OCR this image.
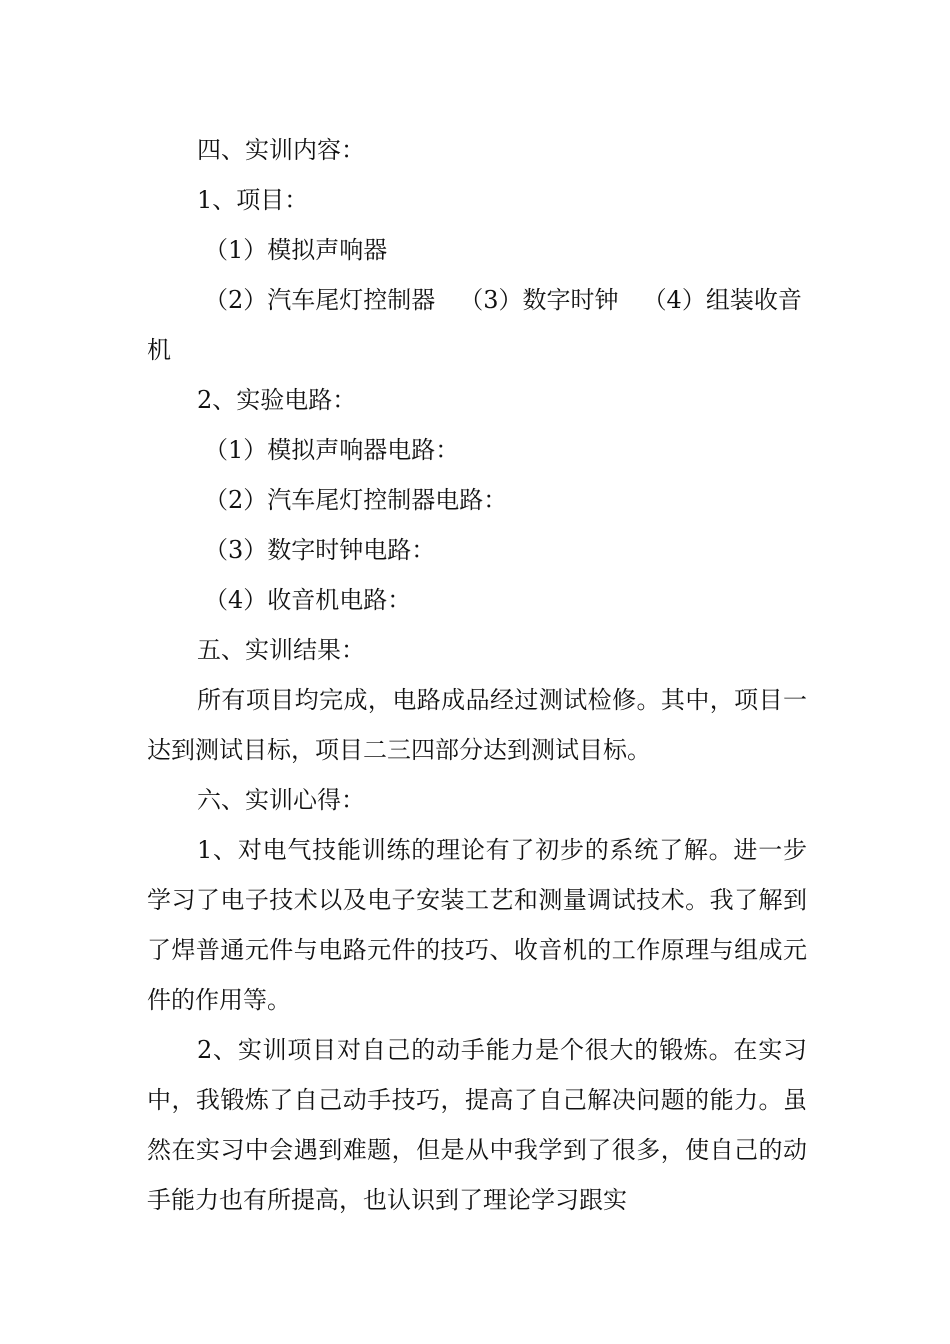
四、实训内容：

1、项目：

（1）模拟声响器

（2）汽车尾灯控制器 （3）数字时钟 （4）组装收音

机

2、实验电路：

（1）模拟声响器电路：

（2）汽车尾灯控制器电路：

（3）数字时钟电路：

（4）收音机电路：

五、实训结果：

所有项目均完成，电路成品经过测试检修。其中，项目一达到测试目标，项目二三四部分达到测试目标。

六、实训心得：

1、对电气技能训练的理论有了初步的系统了解。进一步学习了电子技术以及电子安装工艺和测量调试技术。我了解到了焊普通元件与电路元件的技巧、收音机的工作原理与组成元件的作用等。

2、实训项目对自己的动手能力是个很大的锻炼。在实习中，我锻炼了自己动手技巧，提高了自己解决问题的能力。虽然在实习中会遇到难题，但是从中我学到了很多，使自己的动手能力也有所提高，也认识到了理论学习跟实
